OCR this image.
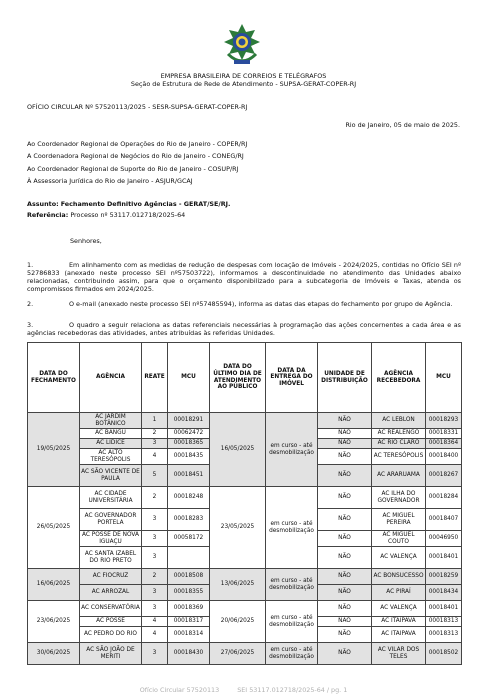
EMPRESA BRASILEIRA DE CORREIOS E TELÉGRAFOS
Seção de Estrutura de Rede de Atendimento - SUPSA-GERAT-COPER-RJ
OFÍCIO CIRCULAR Nº 57520113/2025 - SESR-SUPSA-GERAT-COPER-RJ
Rio de Janeiro, 05 de maio de 2025.
Ao Coordenador Regional de Operações do Rio de Janeiro - COPER/RJ
A Coordenadora Regional de Negócios do Rio de Janeiro - CONEG/RJ
Ao Coordenador Regional de Suporte do Rio de Janeiro - COSUP/RJ
À Assessoria Jurídica do Rio de Janeiro - ASJUR/GCAJ
Assunto: Fechamento Definitivo Agências - GERAT/SE/RJ.
Referência: Processo nº 53117.012718/2025-64
Senhores,
1.	Em alinhamento com as medidas de redução de despesas com locação de Imóveis - 2024/2025, contidas no Ofício SEI nº 52786833 (anexado neste processo SEI nº57503722), informamos a descontinuidade no atendimento das Unidades abaixo relacionadas, contribuindo assim, para que o orçamento disponibilizado para a subcategoria de Imóveis e Taxas, atenda os compromissos firmados em 2024/2025.
2.	O e-mail (anexado neste processo SEI nº57485594), informa as datas das etapas do fechamento por grupo de Agência.
3.	O quadro a seguir relaciona as datas referenciais necessárias à programação das ações concernentes a cada área e as agências recebedoras das atividades, antes atribuídas às referidas Unidades.
DATA DO FECHAMENTO	AGÊNCIA	REATE	MCU	DATA DO ÚLTIMO DIA DE ATENDIMENTO AO PÚBLICO	DATA DA ENTREGA DO IMÓVEL	UNIDADE DE DISTRIBUIÇÃO	AGÊNCIA RECEBEDORA	MCU
19/05/2025	AC JARDIM BOTÂNICO	1	00018291	16/05/2025	em curso - até desmobilização	NÃO	AC LEBLON	00018293
	AC BANGU	2	00062472			NÃO	AC REALENGO	00018331
	AC LÍDICE	3	00018365			NÃO	AC RIO CLARO	00018364
	AC ALTO TERESÓPOLIS	4	00018435			NÃO	AC TERESÓPOLIS	00018400
	AC SÃO VICENTE DE PAULA	5	00018451			NÃO	AC ARARUAMA	00018267
26/05/2025	AC CIDADE UNIVERSITÁRIA	2	00018248	23/05/2025	em curso - até desmobilização	NÃO	AC ILHA DO GOVERNADOR	00018284
	AC GOVERNADOR PORTELA	3	00018283			NÃO	AC MIGUEL PEREIRA	00018407
	AC POSSE DE NOVA IGUAÇU	3	00058172			NÃO	AC MIGUEL COUTO	00046950
	AC SANTA IZABEL DO RIO PRETO	3				NÃO	AC VALENÇA	00018401
16/06/2025	AC FIOCRUZ	2	00018508	13/06/2025	em curso - até desmobilização	NÃO	AC BONSUCESSO	00018259
	AC ARROZAL	3	00018355			NÃO	AC PIRAÍ	00018434
23/06/2025	AC CONSERVATÓRIA	3	00018369	20/06/2025	em curso - até desmobilização	NÃO	AC VALENÇA	00018401
	AC POSSE	4	00018317			NÃO	AC ITAIPAVA	00018313
	AC PEDRO DO RIO	4	00018314			NÃO	AC ITAIPAVA	00018313
30/06/2025	AC SÃO JOÃO DE MERITI	3	00018430	27/06/2025	em curso - até desmobilização	NÃO	AC VILAR DOS TELES	00018502
Ofício Circular 57520113	SEI 53117.012718/2025-64 / pg. 1
